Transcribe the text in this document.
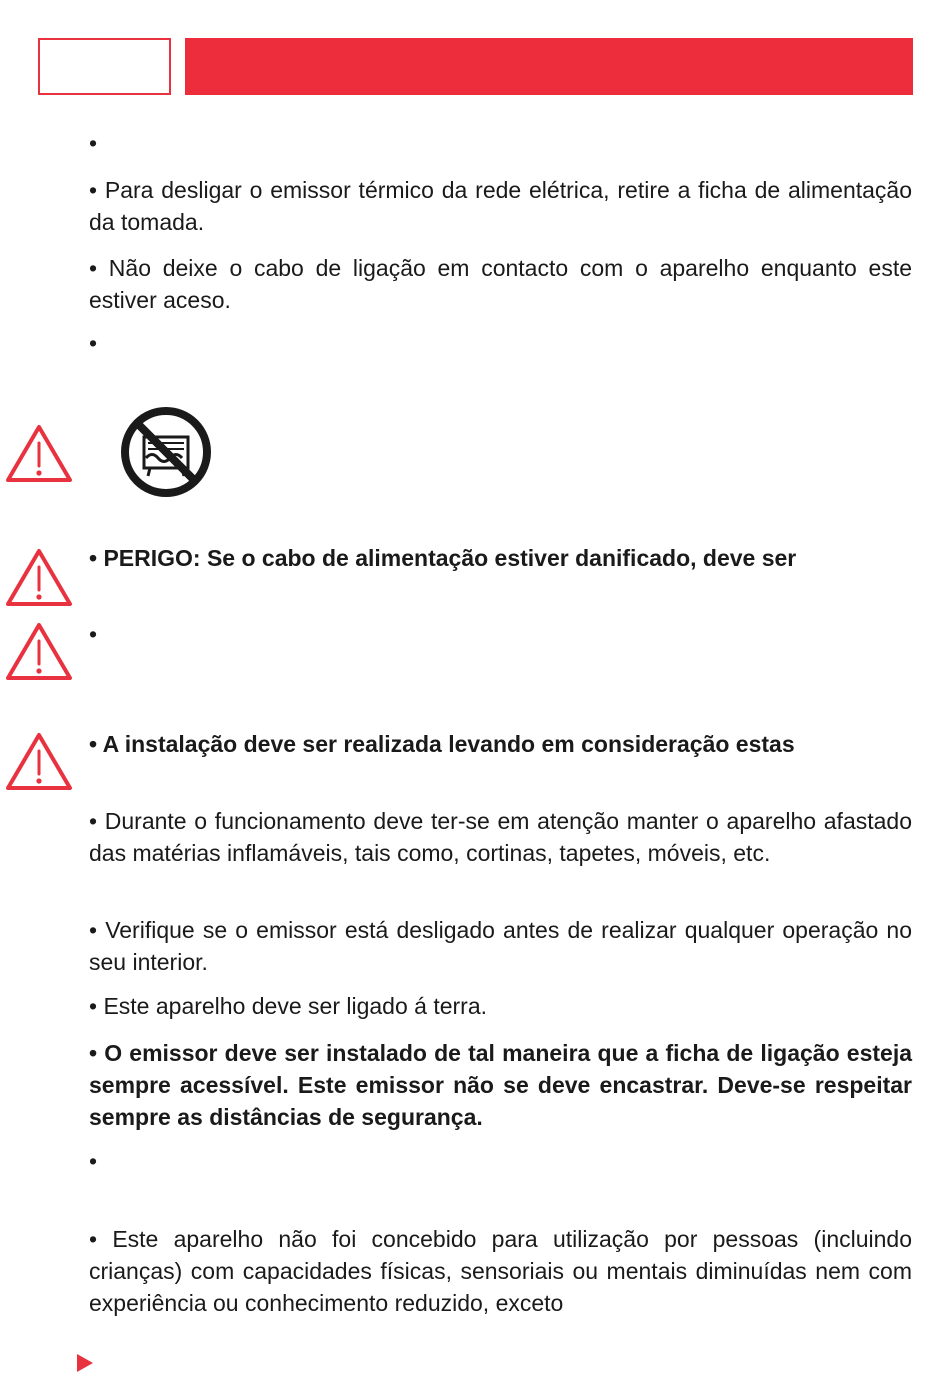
•

• Para desligar o emissor térmico da rede elétrica, retire a ficha de alimentação da tomada.

• Não deixe o cabo de ligação em contacto com o aparelho enquanto este estiver aceso.

•

• PERIGO: Se o cabo de alimentação estiver danificado, deve ser

•

• A instalação deve ser realizada levando em consideração estas

• Durante o funcionamento deve ter-se em atenção manter o aparelho afastado das matérias inflamáveis, tais como, cortinas, tapetes, móveis, etc.

• Verifique se o emissor está desligado antes de realizar qualquer operação no seu interior.

• Este aparelho deve ser ligado á terra.

• O emissor deve ser instalado de tal maneira que a ficha de ligação esteja sempre acessível. Este emissor não se deve encastrar. Deve-se respeitar sempre as distâncias de segurança.

•

• Este aparelho não foi concebido para utilização por pessoas (incluindo crianças) com capacidades físicas, sensoriais ou mentais diminuídas nem com experiência ou conhecimento reduzido, exceto
